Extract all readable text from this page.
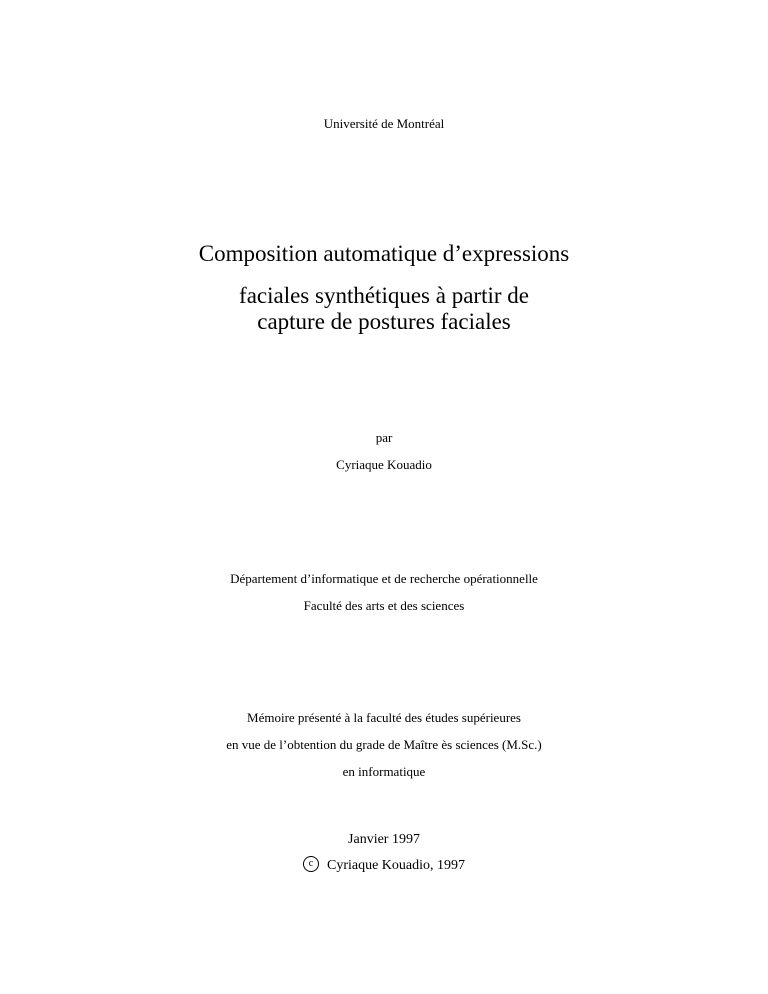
Université de Montréal
Composition automatique d’expressions
faciales synthétiques à partir de
capture de postures faciales
par
Cyriaque Kouadio
Département d’informatique et de recherche opérationnelle
Faculté des arts et des sciences
Mémoire présenté à la faculté des études supérieures
en vue de l’obtention du grade de Maître ès sciences (M.Sc.)
en informatique
Janvier 1997
c Cyriaque Kouadio, 1997
